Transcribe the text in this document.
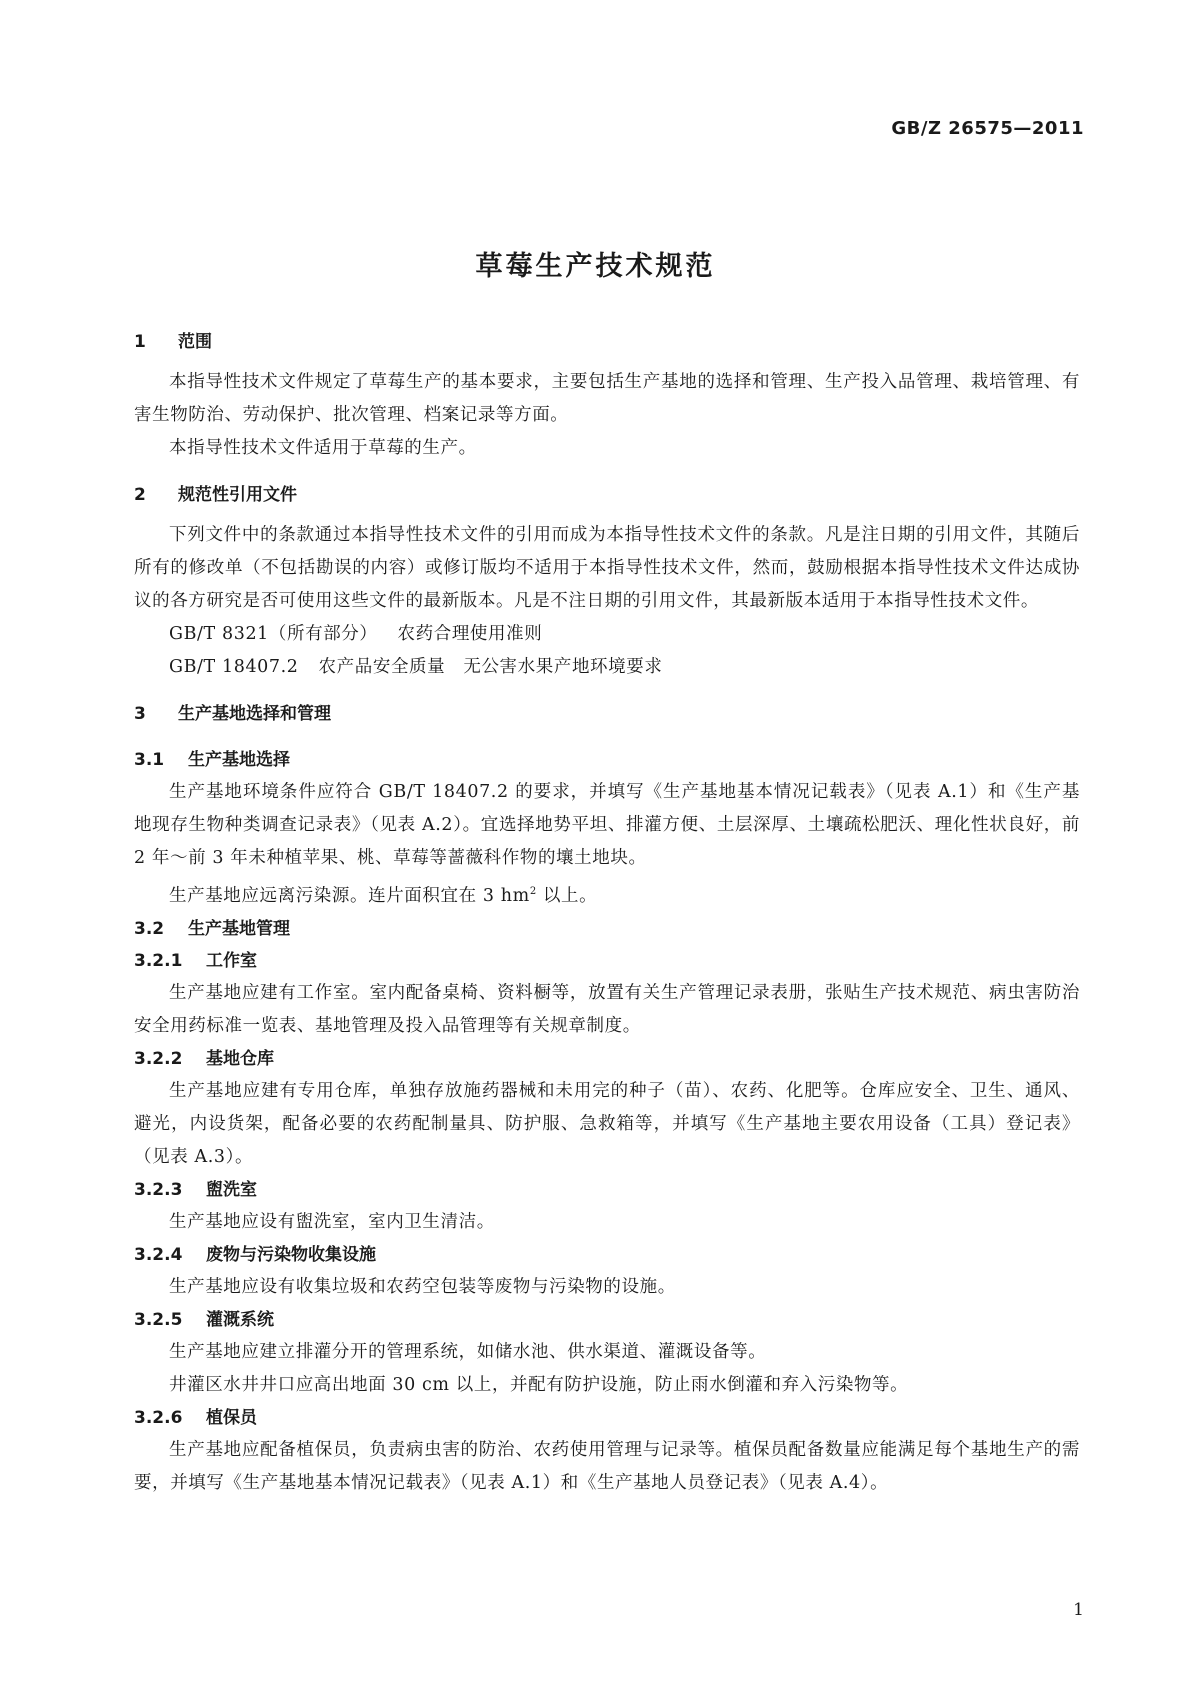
GB/Z 26575—2011
草莓生产技术规范
1 范围

本指导性技术文件规定了草莓生产的基本要求，主要包括生产基地的选择和管理、生产投入品管理、栽培管理、有害生物防治、劳动保护、批次管理、档案记录等方面。

本指导性技术文件适用于草莓的生产。

2 规范性引用文件

下列文件中的条款通过本指导性技术文件的引用而成为本指导性技术文件的条款。凡是注日期的引用文件，其随后所有的修改单（不包括勘误的内容）或修订版均不适用于本指导性技术文件，然而，鼓励根据本指导性技术文件达成协议的各方研究是否可使用这些文件的最新版本。凡是不注日期的引用文件，其最新版本适用于本指导性技术文件。

GB/T 8321（所有部分） 农药合理使用准则

GB/T 18407.2 农产品安全质量　无公害水果产地环境要求

3 生产基地选择和管理
3.1 生产基地选择

生产基地环境条件应符合 GB/T 18407.2 的要求，并填写《生产基地基本情况记载表》（见表 A.1）和《生产基地现存生物种类调查记录表》（见表 A.2）。宜选择地势平坦、排灌方便、土层深厚、土壤疏松肥沃、理化性状良好，前 2 年～前 3 年未种植苹果、桃、草莓等蔷薇科作物的壤土地块。

生产基地应远离污染源。连片面积宜在 3 $hm^2$ 以上。

3.2 生产基地管理
3.2.1 工作室

生产基地应建有工作室。室内配备桌椅、资料橱等，放置有关生产管理记录表册，张贴生产技术规范、病虫害防治安全用药标准一览表、基地管理及投入品管理等有关规章制度。

3.2.2 基地仓库

生产基地应建有专用仓库，单独存放施药器械和未用完的种子（苗）、农药、化肥等。仓库应安全、卫生、通风、避光，内设货架，配备必要的农药配制量具、防护服、急救箱等，并填写《生产基地主要农用设备（工具）登记表》（见表 A.3）。

3.2.3 盥洗室

生产基地应设有盥洗室，室内卫生清洁。

3.2.4 废物与污染物收集设施

生产基地应设有收集垃圾和农药空包装等废物与污染物的设施。

3.2.5 灌溉系统

生产基地应建立排灌分开的管理系统，如储水池、供水渠道、灌溉设备等。

井灌区水井井口应高出地面 30 cm 以上，并配有防护设施，防止雨水倒灌和弃入污染物等。

3.2.6 植保员

生产基地应配备植保员，负责病虫害的防治、农药使用管理与记录等。植保员配备数量应能满足每个基地生产的需要，并填写《生产基地基本情况记载表》（见表 A.1）和《生产基地人员登记表》（见表 A.4）。

1
